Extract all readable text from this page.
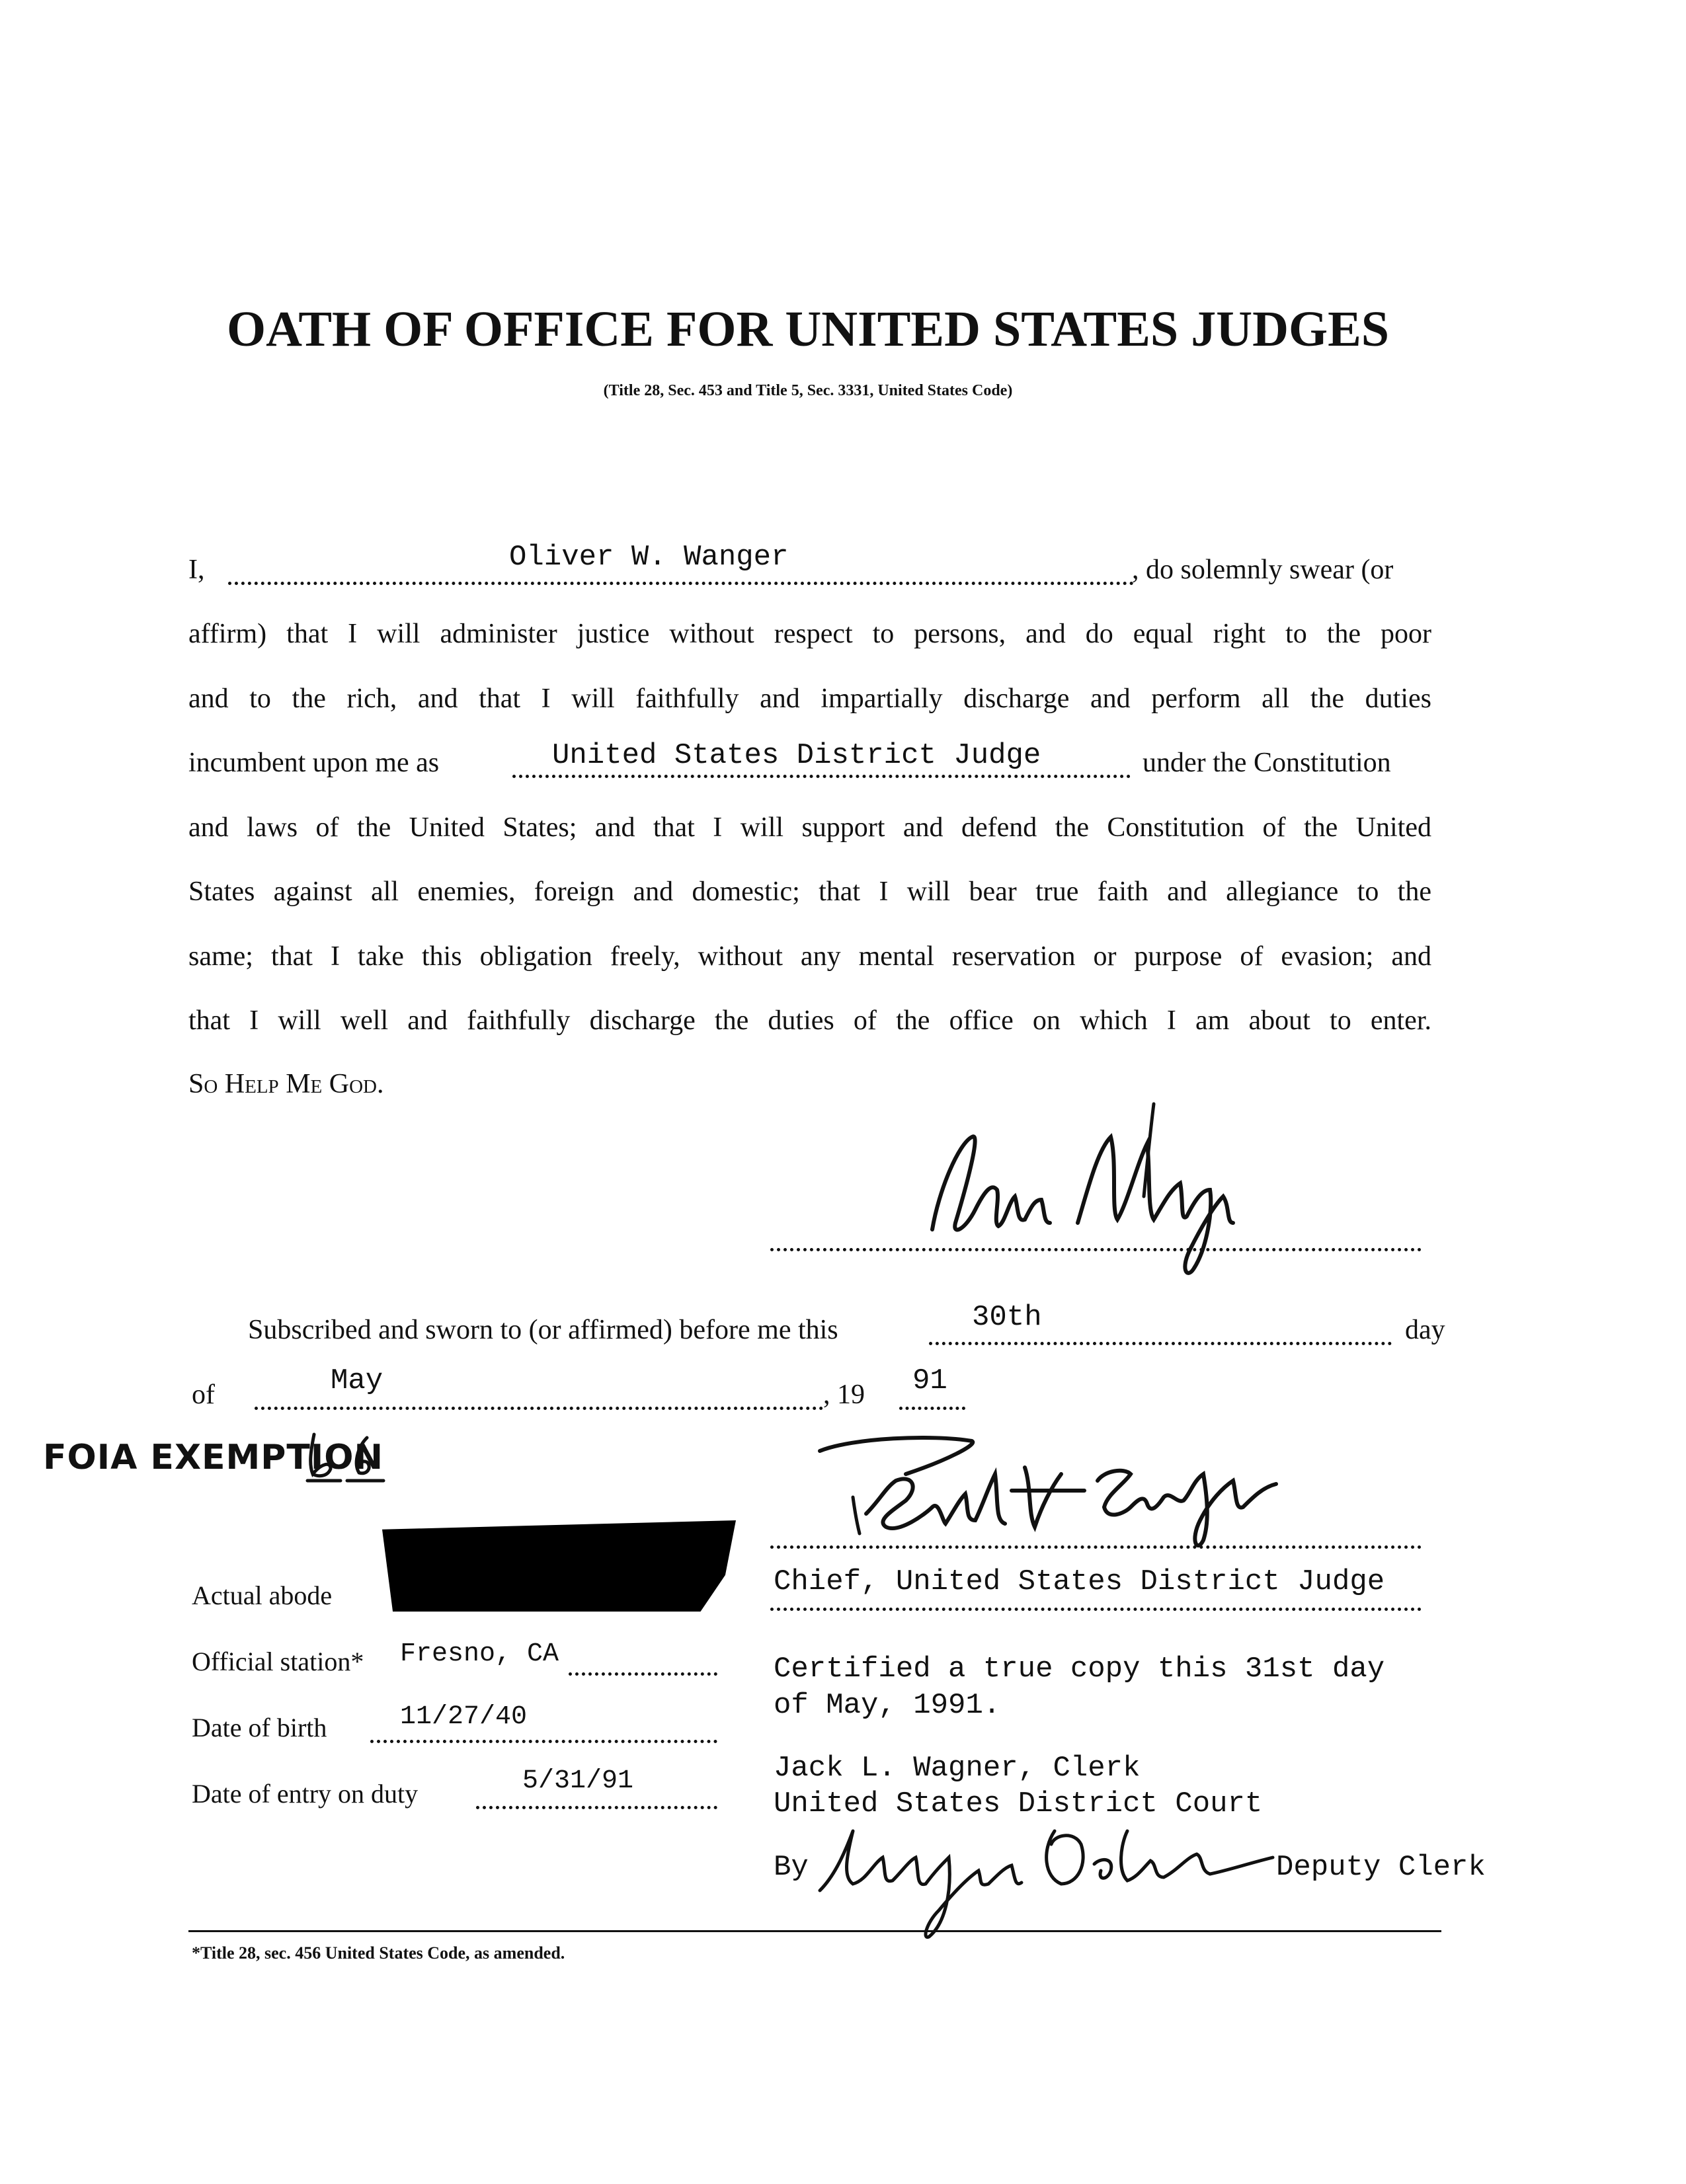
OATH OF OFFICE FOR UNITED STATES JUDGES
(Title 28, Sec. 453 and Title 5, Sec. 3331, United States Code)
I,	Oliver W. Wanger	, do solemnly swear (or
affirm) that I will administer justice without respect to persons, and do equal right to the poor
and to the rich, and that I will faithfully and impartially discharge and perform all the duties
incumbent upon me as	United States District Judge	under the Constitution
and laws of the United States; and that I will support and defend the Constitution of the United
States against all enemies, foreign and domestic; that I will bear true faith and allegiance to the
same; that I take this obligation freely, without any mental reservation or purpose of evasion; and
that I will well and faithfully discharge the duties of the office on which I am about to enter.
So Help Me God.
Subscribed and sworn to (or affirmed) before me this	30th	day
of	May	, 19 91
FOIA EXEMPTION
Chief, United States District Judge
Actual abode
Official station* Fresno, CA
Date of birth	11/27/40
Date of entry on duty	5/31/91
Certified a true copy this 31st day
of May, 1991.
Jack L. Wagner, Clerk
United States District Court
By	Deputy Clerk
*Title 28, sec. 456 United States Code, as amended.
